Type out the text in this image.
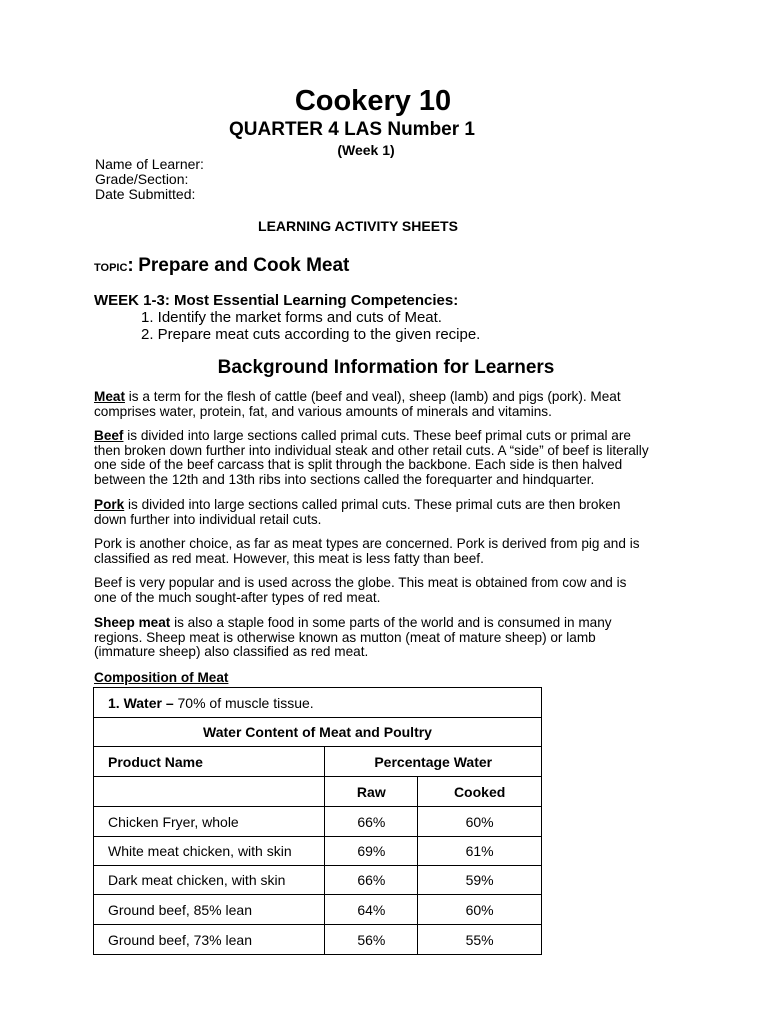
Cookery 10
QUARTER 4 LAS Number 1
(Week 1)
Name of Learner:
Grade/Section:
Date Submitted:
LEARNING ACTIVITY SHEETS
TOPIC: Prepare and Cook Meat
WEEK 1-3: Most Essential Learning Competencies:
1. Identify the market forms and cuts of Meat.
2. Prepare meat cuts according to the given recipe.
Background Information for Learners
Meat is a term for the flesh of cattle (beef and veal), sheep (lamb) and pigs (pork). Meat
comprises water, protein, fat, and various amounts of minerals and vitamins.
Beef is divided into large sections called primal cuts. These beef primal cuts or primal are
then broken down further into individual steak and other retail cuts. A “side” of beef is literally
one side of the beef carcass that is split through the backbone. Each side is then halved
between the 12th and 13th ribs into sections called the forequarter and hindquarter.
Pork is divided into large sections called primal cuts. These primal cuts are then broken
down further into individual retail cuts.
Pork is another choice, as far as meat types are concerned. Pork is derived from pig and is
classified as red meat. However, this meat is less fatty than beef.
Beef is very popular and is used across the globe. This meat is obtained from cow and is
one of the much sought-after types of red meat.
Sheep meat is also a staple food in some parts of the world and is consumed in many
regions. Sheep meat is otherwise known as mutton (meat of mature sheep) or lamb
(immature sheep) also classified as red meat.
Composition of Meat
1. Water – 70% of muscle tissue.		
Water Content of Meat and Poultry		
Product Name	Percentage Water	
	Raw	Cooked
Chicken Fryer, whole	66%	60%
White meat chicken, with skin	69%	61%
Dark meat chicken, with skin	66%	59%
Ground beef, 85% lean	64%	60%
Ground beef, 73% lean	56%	55%
